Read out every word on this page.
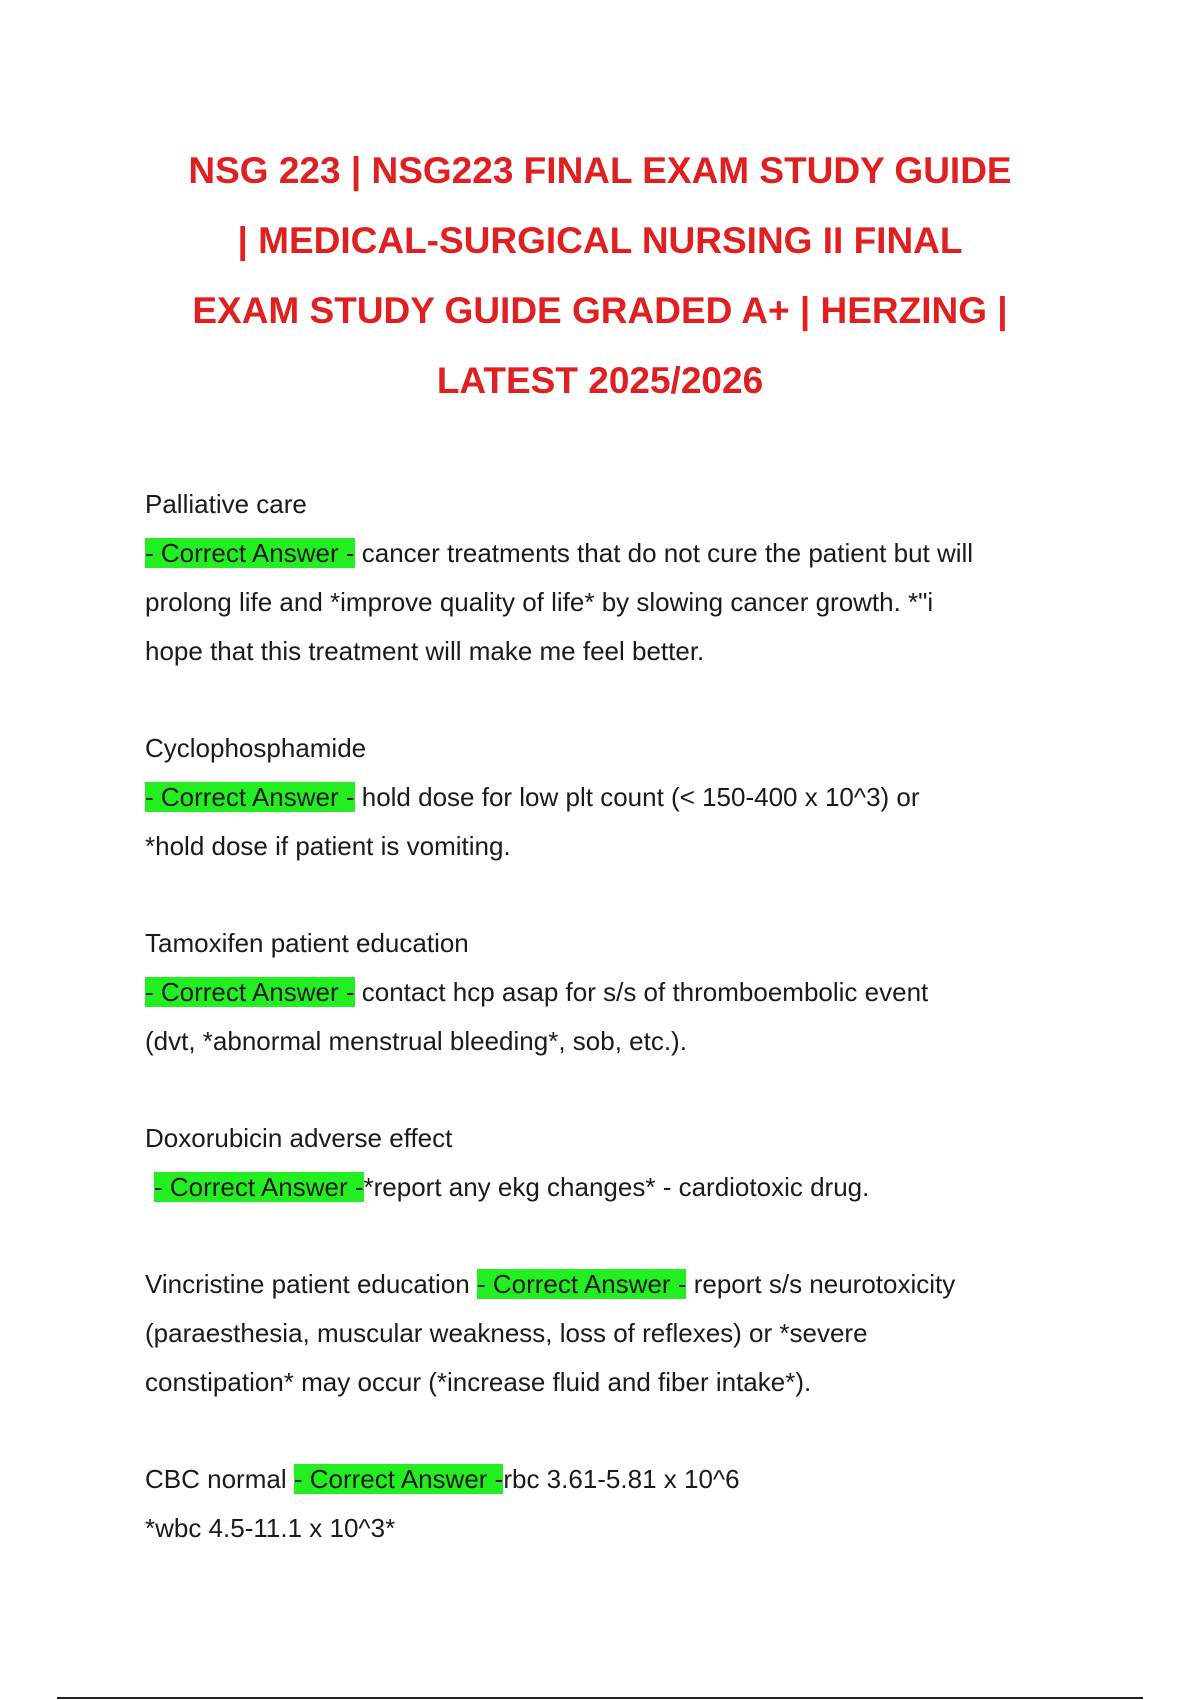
NSG 223 | NSG223 FINAL EXAM STUDY GUIDE
| MEDICAL-SURGICAL NURSING II FINAL
EXAM STUDY GUIDE GRADED A+ | HERZING |
LATEST 2025/2026

Palliative care

- Correct Answer - cancer treatments that do not cure the patient but will

prolong life and *improve quality of life* by slowing cancer growth. *"i

hope that this treatment will make me feel better.

Cyclophosphamide

- Correct Answer - hold dose for low plt count (< 150-400 x 10^3) or

*hold dose if patient is vomiting.

Tamoxifen patient education

- Correct Answer - contact hcp asap for s/s of thromboembolic event

(dvt, *abnormal menstrual bleeding*, sob, etc.).

Doxorubicin adverse effect

- Correct Answer -*report any ekg changes* - cardiotoxic drug.

Vincristine patient education - Correct Answer - report s/s neurotoxicity

(paraesthesia, muscular weakness, loss of reflexes) or *severe

constipation* may occur (*increase fluid and fiber intake*).

CBC normal - Correct Answer -rbc 3.61-5.81 x 10^6

*wbc 4.5-11.1 x 10^3*
